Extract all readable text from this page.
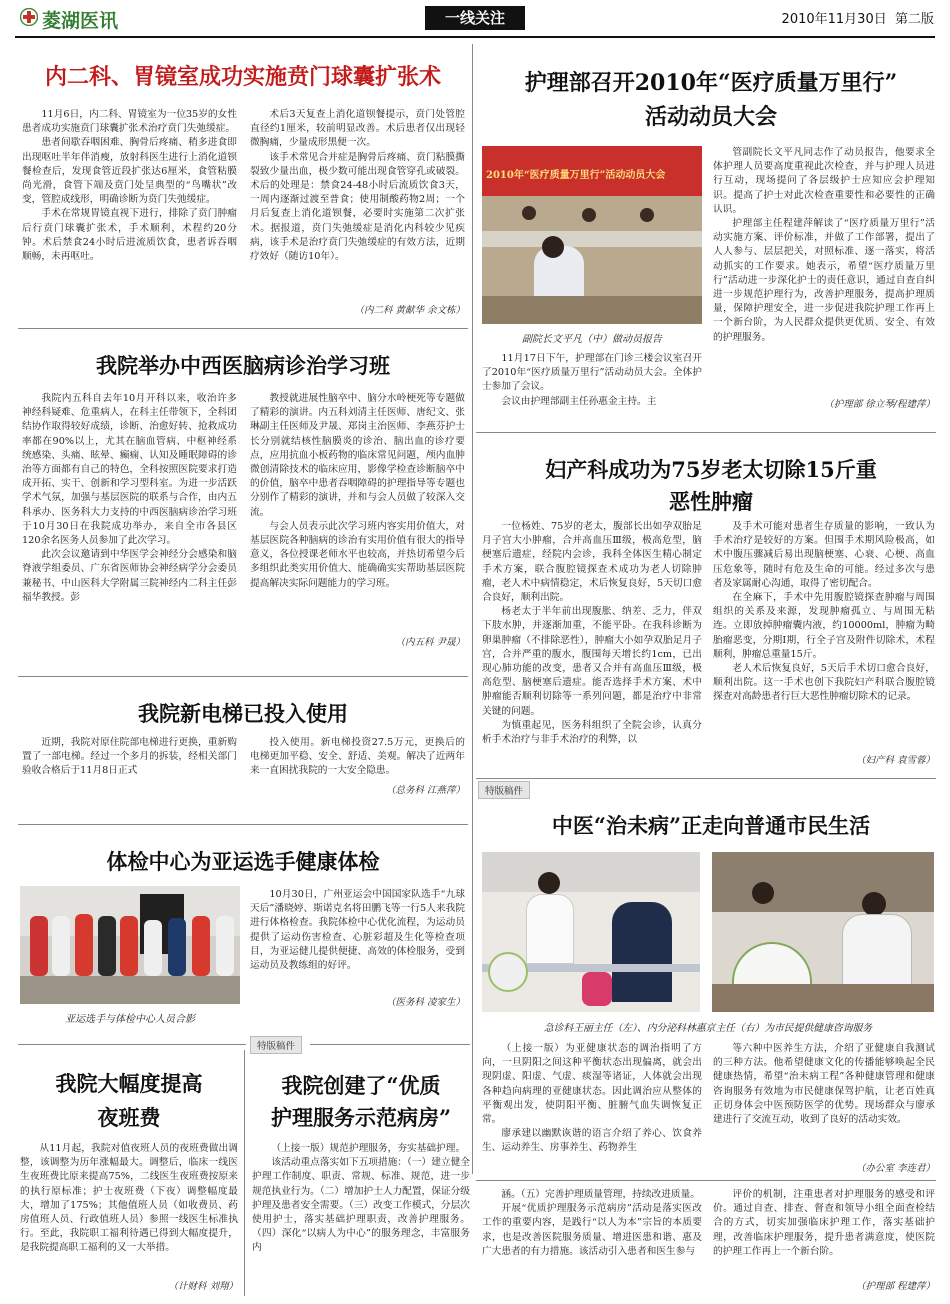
菱湖医讯	一线关注	2010年11月30日 第二版
内二科、胃镜室成功实施贲门球囊扩张术

11月6日，内二科、胃镜室为一位35岁的女性患者成功实施贲门球囊扩张术治疗贲门失弛缓症。

患者间歇吞咽困难、胸骨后疼痛、稍多进食即出现呕吐半年伴消瘦，放射科医生进行上消化道钡餐检查后，发现食管近段扩张达6厘米，食管粘膜尚光滑，食管下端及贲门处呈典型的“鸟嘴状”改变，管腔成线形，明确诊断为贲门失弛缓症。

手术在常规胃镜直视下进行，排除了贲门肿瘤后行贲门球囊扩张术，手术顺利，术程约20分钟。术后禁食24小时后进流质饮食，患者诉吞咽顺畅，未再呕吐。

术后3天复查上消化道钡餐提示，贲门处管腔直径约1厘米，较前明显改善。术后患者仅出现轻微胸痛，少量成形黑便一次。

该手术常见合并症是胸骨后疼痛、贲门粘膜撕裂致少量出血，极少数可能出现食管穿孔或破裂。术后的处理是：禁食24-48小时后流质饮食3天，一周内逐渐过渡至普食；使用制酸药物2周；一个月后复查上消化道钡餐，必要时实施第二次扩张术。据报道，贲门失弛缓症是消化内科较少见疾病，该手术是治疗贲门失弛缓症的有效方法，近期疗效好（随访10年）。

（内二科 黄献华 余文栋）
护理部召开2010年“医疗质量万里行”
活动动员大会
2010年“医疗质量万里行”活动动员大会
副院长文平凡（中）做动员报告

11月17日下午，护理部在门诊三楼会议室召开了2010年“医疗质量万里行”活动动员大会。全体护士参加了会议。

会议由护理部副主任孙惠金主持。主

管副院长文平凡同志作了动员报告，他要求全体护理人员要高度重视此次检查，并与护理人员进行互动，现场提问了各层级护士应知应会护理知识。提高了护士对此次检查重要性和必要性的正确认识。

护理部主任程建萍解读了“医疗质量万里行”活动实施方案、评价标准，并做了工作部署，提出了人人参与、层层把关，对照标准、逐一落实，将活动抓实的工作要求。她表示，希望“医疗质量万里行”活动进一步深化护士的责任意识，通过自查自纠进一步规范护理行为，改善护理服务，提高护理质量，保障护理安全，进一步促进我院护理工作再上一个新台阶，为人民群众提供更优质、安全、有效的护理服务。

（护理部 徐立琴/程建萍）
我院举办中西医脑病诊治学习班

我院内五科自去年10月开科以来，收治许多神经科疑难、危重病人，在科主任带领下，全科团结协作取得较好成绩，诊断、治愈好转、抢救成功率都在90%以上，尤其在脑血管病、中枢神经系统感染、头痛、眩晕、癫痫、认知及睡眠障碍的诊治等方面都有自己的特色，全科按照医院要求打造成开拓、实干、创新和学习型科室。为进一步活跃学术气氛，加强与基层医院的联系与合作，由内五科承办、医务科大力支持的中西医脑病诊治学习班于10月30日在我院成功举办，来自全市各县区120余名医务人员参加了此次学习。

此次会议邀请到中华医学会神经分会感染和脑脊液学组委员、广东省医师协会神经病学分会委员兼秘书、中山医科大学附属三院神经内二科主任彭福华教授。彭

教授就进展性脑卒中、脑分水岭梗死等专题做了精彩的演讲。内五科刘清主任医师、唐纪文、张琳副主任医师及尹晟、郑岗主治医师、李燕芬护士长分别就结核性脑膜炎的诊治、脑出血的诊疗要点，应用抗血小板药物的临床常见问题，颅内血肿微创清除技术的临床应用，影像学检查诊断脑卒中的价值，脑卒中患者吞咽障碍的护理指导等专题也分别作了精彩的演讲，并和与会人员做了较深入交流。

与会人员表示此次学习班内容实用价值大，对基层医院各种脑病的诊治有实用价值有很大的指导意义，各位授课老师水平也较高，并热切希望今后多组织此类实用价值大、能确确实实帮助基层医院提高解决实际问题能力的学习班。

（内五科 尹晟）
妇产科成功为75岁老太切除15斤重
恶性肿瘤

一位杨姓、75岁的老太，腹部长出如孕双胎足月子宫大小肿瘤，合并高血压Ⅲ级，极高危型，脑梗塞后遗症，经院内会诊，我科全体医生精心制定手术方案，联合腹腔镜探查术成功为老人切除肿瘤，老人术中病情稳定，术后恢复良好，5天切口愈合良好，顺利出院。

杨老太于半年前出现腹胀、纳差、乏力，伴双下肢水肿，并逐渐加重，不能平卧。在我科诊断为卵巢肿瘤（不排除恶性），肿瘤大小如孕双胎足月子宫，合并严重的腹水，腹围每天增长约1cm，已出现心肺功能的改变，患者又合并有高血压Ⅲ级，极高危型、脑梗塞后遗症。能否选择手术方案、术中肿瘤能否顺利切除等一系列问题，都是治疗中非常关键的问题。

为慎重起见，医务科组织了全院会诊，认真分析手术治疗与非手术治疗的利弊，以

及手术可能对患者生存质量的影响，一致认为手术治疗是较好的方案。但围手术期风险极高，如术中腹压骤减后易出现脑梗塞、心衰、心梗、高血压危象等，随时有危及生命的可能。经过多次与患者及家属耐心沟通，取得了密切配合。

在全麻下，手术中先用腹腔镜探查肿瘤与周围组织的关系及来源，发现肿瘤孤立、与周围无粘连。立即放掉肿瘤囊内液，约10000ml，肿瘤为畸胎瘤恶变，分期Ⅰ期，行全子宫及附件切除术，术程顺利，肿瘤总重量15斤。

老人术后恢复良好，5天后手术切口愈合良好，顺利出院。这一手术也创下我院妇产科联合腹腔镜探查对高龄患者行巨大恶性肿瘤切除术的记录。

（妇产科 袁雪蓉）
我院新电梯已投入使用

近期，我院对原住院部电梯进行更换，重新购置了一部电梯。经过一个多月的拆装，经相关部门验收合格后于11月8日正式

投入使用。新电梯投资27.5万元，更换后的电梯更加平稳、安全、舒适、美观。解决了近两年来一直困扰我院的一大安全隐患。

（总务科 江燕萍）	特版稿件
中医“治未病”正走向普通市民生活
急诊科王丽主任（左）、内分泌科林惠京主任（右）为市民提供健康咨询服务

（上接一版）为亚健康状态的调治指明了方向，一旦阴阳之间这种平衡状态出现偏离，就会出现阴虚、阳虚、气虚、痰湿等诸证，人体就会出现各种趋向病理的亚健康状态。因此调治应从整体的平衡观出发，使阴阳平衡、脏腑气血失调恢复正常。

廖承建以幽默诙谐的语言介绍了养心、饮食养生、运动养生、房事养生、药物养生

等六种中医养生方法，介绍了亚健康自我测试的三种方法。他希望健康文化的传播能够唤起全民健康热情，希望“治未病工程”各种健康管理和健康咨询服务有效地为市民健康保驾护航，让老百姓真正切身体会中医预防医学的优势。现场群众与廖承建进行了交流互动，收到了良好的活动实效。

（办公室 李连君）
体检中心为亚运选手健康体检
亚运选手与体检中心人员合影

10月30日，广州亚运会中国国家队选手“九球天后”潘晓婷、斯诺克名将田鹏飞等一行5人来我院进行体格检查。我院体检中心优化流程，为运动员提供了运动伤害检查、心脏彩超及生化等检查项目，为亚运健儿提供便捷、高效的体检服务，受到运动员及教练组的好评。

（医务科 凌家生）
特版稿件
我院大幅度提高
夜班费

从11月起，我院对值夜班人员的夜班费做出调整，该调整为历年涨幅最大。调整后，临床一线医生夜班费比原来提高75%，二线医生夜班费按原来的执行原标准；护士夜班费（下夜）调整幅度最大，增加了175%；其他值班人员（如收费员、药房值班人员、行政值班人员）参照一线医生标准执行。至此，我院职工福利待遇已得到大幅度提升，是我院提高职工福利的又一大举措。

（计财科 刘翔）
我院创建了“优质
护理服务示范病房”

（上接一版）规范护理服务，夯实基础护理。

该活动重点落实如下五项措施：（一）建立健全护理工作制度、职责、常规、标准、规范，进一步规范执业行为。（二）增加护士人力配置，保证分级护理及患者安全需要。（三）改变工作模式，分层次使用护士，落实基础护理职责，改善护理服务。（四）深化“以病人为中心”的服务理念，丰富服务内

涵。（五）完善护理质量管理，持续改进质量。

开展“优质护理服务示范病房”活动是落实医改工作的重要内容，是践行“以人为本”宗旨的本质要求，也是改善医院服务质量、增进医患和谐、惠及广大患者的有力措施。该活动引入患者和医生参与

评价的机制，注重患者对护理服务的感受和评价。通过自查、排查、督查和领导小组全面查检结合的方式，切实加强临床护理工作，落实基础护理，改善临床护理服务，提升患者满意度，使医院的护理工作再上一个新台阶。

（护理部 程建萍）
